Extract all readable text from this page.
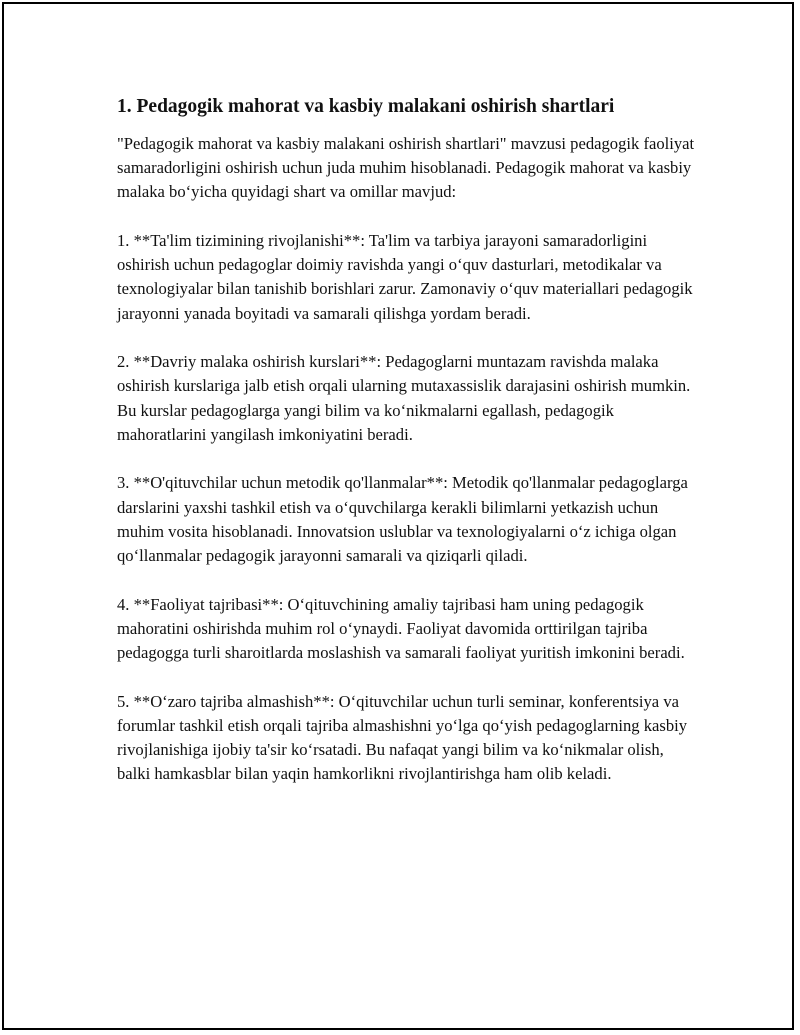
1. Pedagogik mahorat va kasbiy malakani oshirish shartlari

"Pedagogik mahorat va kasbiy malakani oshirish shartlari" mavzusi pedagogik faoliyat samaradorligini oshirish uchun juda muhim hisoblanadi. Pedagogik mahorat va kasbiy malaka bo‘yicha quyidagi shart va omillar mavjud:

1. **Ta'lim tizimining rivojlanishi**: Ta'lim va tarbiya jarayoni samaradorligini oshirish uchun pedagoglar doimiy ravishda yangi o‘quv dasturlari, metodikalar va texnologiyalar bilan tanishib borishlari zarur. Zamonaviy o‘quv materiallari pedagogik jarayonni yanada boyitadi va samarali qilishga yordam beradi.

2. **Davriy malaka oshirish kurslari**: Pedagoglarni muntazam ravishda malaka oshirish kurslariga jalb etish orqali ularning mutaxassislik darajasini oshirish mumkin. Bu kurslar pedagoglarga yangi bilim va ko‘nikmalarni egallash, pedagogik mahoratlarini yangilash imkoniyatini beradi.

3. **O'qituvchilar uchun metodik qo'llanmalar**: Metodik qo'llanmalar pedagoglarga darslarini yaxshi tashkil etish va o‘quvchilarga kerakli bilimlarni yetkazish uchun muhim vosita hisoblanadi. Innovatsion uslublar va texnologiyalarni o‘z ichiga olgan qo‘llanmalar pedagogik jarayonni samarali va qiziqarli qiladi.

4. **Faoliyat tajribasi**: O‘qituvchining amaliy tajribasi ham uning pedagogik mahoratini oshirishda muhim rol o‘ynaydi. Faoliyat davomida orttirilgan tajriba pedagogga turli sharoitlarda moslashish va samarali faoliyat yuritish imkonini beradi.

5. **O‘zaro tajriba almashish**: O‘qituvchilar uchun turli seminar, konferentsiya va forumlar tashkil etish orqali tajriba almashishni yo‘lga qo‘yish pedagoglarning kasbiy rivojlanishiga ijobiy ta'sir ko‘rsatadi. Bu nafaqat yangi bilim va ko‘nikmalar olish, balki hamkasblar bilan yaqin hamkorlikni rivojlantirishga ham olib keladi.
